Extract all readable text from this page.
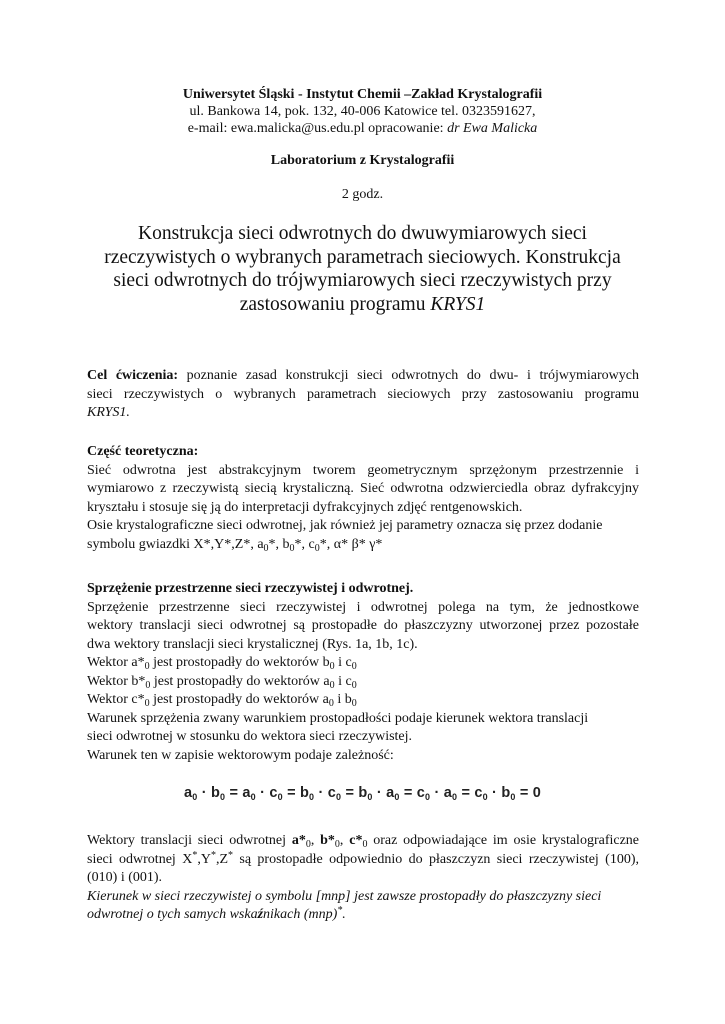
Uniwersytet Śląski - Instytut Chemii –Zakład Krystalografii
ul. Bankowa 14, pok. 132, 40-006 Katowice tel. 0323591627,
e-mail: ewa.malicka@us.edu.pl opracowanie: dr Ewa Malicka
Laboratorium z Krystalografii
2 godz.
Konstrukcja sieci odwrotnych do dwuwymiarowych sieci
rzeczywistych o wybranych parametrach sieciowych. Konstrukcja
sieci odwrotnych do trójwymiarowych sieci rzeczywistych przy
zastosowaniu programu KRYS1
Cel ćwiczenia: poznanie zasad konstrukcji sieci odwrotnych do dwu- i trójwymiarowych
sieci rzeczywistych o wybranych parametrach sieciowych przy zastosowaniu programu
KRYS1.
Część teoretyczna:
Sieć odwrotna jest abstrakcyjnym tworem geometrycznym sprzężonym przestrzennie i
wymiarowo z rzeczywistą siecią krystaliczną. Sieć odwrotna odzwierciedla obraz dyfrakcyjny
kryształu i stosuje się ją do interpretacji dyfrakcyjnych zdjęć rentgenowskich.
Osie krystalograficzne sieci odwrotnej, jak również jej parametry oznacza się przez dodanie
symbolu gwiazdki X*,Y*,Z*, $a_0*$, $b_0*$, $c_0*$, α* β* γ*
Sprzężenie przestrzenne sieci rzeczywistej i odwrotnej.
Sprzężenie przestrzenne sieci rzeczywistej i odwrotnej polega na tym, że jednostkowe
wektory translacji sieci odwrotnej są prostopadłe do płaszczyzny utworzonej przez pozostałe
dwa wektory translacji sieci krystalicznej (Rys. 1a, 1b, 1c).
Wektor $a*_0$ jest prostopadły do wektorów $b_0$ i $c_0$
Wektor $b*_0$ jest prostopadły do wektorów $a_0$ i $c_0$
Wektor $c*_0$ jest prostopadły do wektorów $a_0$ i $b_0$
Warunek sprzężenia zwany warunkiem prostopadłości podaje kierunek wektora translacji
sieci odwrotnej w stosunku do wektora sieci rzeczywistej.
Warunek ten w zapisie wektorowym podaje zależność:
$a_0 \cdot b_0 = a_0 \cdot c_0 = b_0 \cdot c_0 = b_0 \cdot a_0 = c_0 \cdot a_0 = c_0 \cdot b_0 = 0$
Wektory translacji sieci odwrotnej $a*_0$, $b*_0$, $c*_0$ oraz odpowiadające im osie krystalograficzne
sieci odwrotnej X*,Y*,Z* są prostopadłe odpowiednio do płaszczyzn sieci rzeczywistej (100),
(010) i (001).
Kierunek w sieci rzeczywistej o symbolu [mnp] jest zawsze prostopadły do płaszczyzny sieci
odwrotnej o tych samych wskaźnikach (mnp)*.
